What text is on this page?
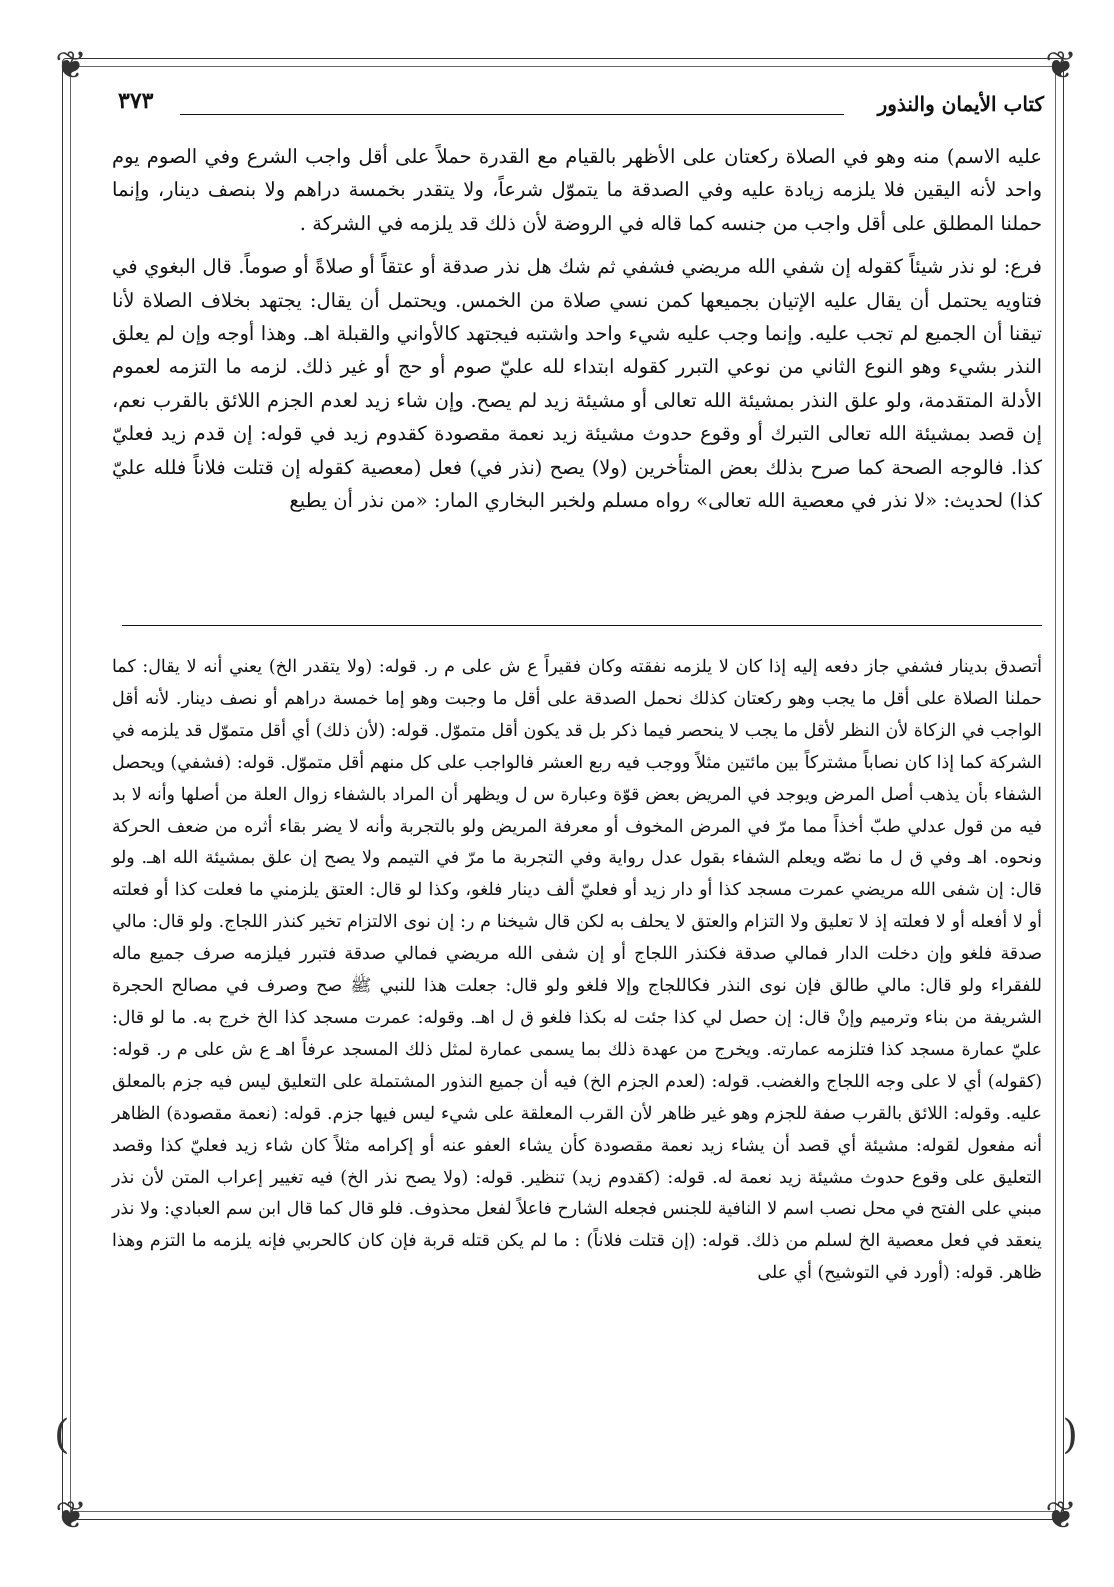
❦	❦
❦	❦
(	)
كتاب الأيمان والنذور
٣٧٣

عليه الاسم) منه وهو في الصلاة ركعتان على الأظهر بالقيام مع القدرة حملاً على أقل واجب الشرع وفي الصوم يوم واحد لأنه اليقين فلا يلزمه زيادة عليه وفي الصدقة ما يتموّل شرعاً، ولا يتقدر بخمسة دراهم ولا بنصف دينار، وإنما حملنا المطلق على أقل واجب من جنسه كما قاله في الروضة لأن ذلك قد يلزمه في الشركة .

فرع: لو نذر شيئاً كقوله إن شفي الله مريضي فشفي ثم شك هل نذر صدقة أو عتقاً أو صلاةً أو صوماً. قال البغوي في فتاويه يحتمل أن يقال عليه الإتيان بجميعها كمن نسي صلاة من الخمس. ويحتمل أن يقال: يجتهد بخلاف الصلاة لأنا تيقنا أن الجميع لم تجب عليه. وإنما وجب عليه شيء واحد واشتبه فيجتهد كالأواني والقبلة اهـ. وهذا أوجه وإن لم يعلق النذر بشيء وهو النوع الثاني من نوعي التبرر كقوله ابتداء لله عليّ صوم أو حج أو غير ذلك. لزمه ما التزمه لعموم الأدلة المتقدمة، ولو علق النذر بمشيئة الله تعالى أو مشيئة زيد لم يصح. وإن شاء زيد لعدم الجزم اللائق بالقرب نعم، إن قصد بمشيئة الله تعالى التبرك أو وقوع حدوث مشيئة زيد نعمة مقصودة كقدوم زيد في قوله: إن قدم زيد فعليّ كذا. فالوجه الصحة كما صرح بذلك بعض المتأخرين (ولا) يصح (نذر في) فعل (معصية كقوله إن قتلت فلاناً فلله عليّ كذا) لحديث: «لا نذر في معصية الله تعالى» رواه مسلم ولخبر البخاري المار: «من نذر أن يطيع

أتصدق بدينار فشفي جاز دفعه إليه إذا كان لا يلزمه نفقته وكان فقيراً ع ش على م ر. قوله: (ولا يتقدر الخ) يعني أنه لا يقال: كما حملنا الصلاة على أقل ما يجب وهو ركعتان كذلك نحمل الصدقة على أقل ما وجبت وهو إما خمسة دراهم أو نصف دينار. لأنه أقل الواجب في الزكاة لأن النظر لأقل ما يجب لا ينحصر فيما ذكر بل قد يكون أقل متموّل. قوله: (لأن ذلك) أي أقل متموّل قد يلزمه في الشركة كما إذا كان نصاباً مشتركاً بين مائتين مثلاً ووجب فيه ربع العشر فالواجب على كل منهم أقل متموّل. قوله: (فشفي) ويحصل الشفاء بأن يذهب أصل المرض ويوجد في المريض بعض قوّة وعبارة س ل ويظهر أن المراد بالشفاء زوال العلة من أصلها وأنه لا بد فيه من قول عدلي طبّ أخذاً مما مرّ في المرض المخوف أو معرفة المريض ولو بالتجربة وأنه لا يضر بقاء أثره من ضعف الحركة ونحوه. اهـ وفي ق ل ما نصّه ويعلم الشفاء بقول عدل رواية وفي التجربة ما مرّ في التيمم ولا يصح إن علق بمشيئة الله اهـ. ولو قال: إن شفى الله مريضي عمرت مسجد كذا أو دار زيد أو فعليّ ألف دينار فلغو، وكذا لو قال: العتق يلزمني ما فعلت كذا أو فعلته أو لا أفعله أو لا فعلته إذ لا تعليق ولا التزام والعتق لا يحلف به لكن قال شيخنا م ر: إن نوى الالتزام تخير كنذر اللجاج. ولو قال: مالي صدقة فلغو وإن دخلت الدار فمالي صدقة فكنذر اللجاج أو إن شفى الله مريضي فمالي صدقة فتبرر فيلزمه صرف جميع ماله للفقراء ولو قال: مالي طالق فإن نوى النذر فكاللجاج وإلا فلغو ولو قال: جعلت هذا للنبي ﷺ صح وصرف في مصالح الحجرة الشريفة من بناء وترميم وإنْ قال: إن حصل لي كذا جئت له بكذا فلغو ق ل اهـ. وقوله: عمرت مسجد كذا الخ خرج به. ما لو قال: عليّ عمارة مسجد كذا فتلزمه عمارته. ويخرج من عهدة ذلك بما يسمى عمارة لمثل ذلك المسجد عرفاً اهـ ع ش على م ر. قوله: (كقوله) أي لا على وجه اللجاج والغضب. قوله: (لعدم الجزم الخ) فيه أن جميع النذور المشتملة على التعليق ليس فيه جزم بالمعلق عليه. وقوله: اللائق بالقرب صفة للجزم وهو غير ظاهر لأن القرب المعلقة على شيء ليس فيها جزم. قوله: (نعمة مقصودة) الظاهر أنه مفعول لقوله: مشيئة أي قصد أن يشاء زيد نعمة مقصودة كأن يشاء العفو عنه أو إكرامه مثلاً كان شاء زيد فعليّ كذا وقصد التعليق على وقوع حدوث مشيئة زيد نعمة له. قوله: (كقدوم زيد) تنظير. قوله: (ولا يصح نذر الخ) فيه تغيير إعراب المتن لأن نذر مبني على الفتح في محل نصب اسم لا النافية للجنس فجعله الشارح فاعلاً لفعل محذوف. فلو قال كما قال ابن سم العبادي: ولا نذر ينعقد في فعل معصية الخ لسلم من ذلك. قوله: (إن قتلت فلاناً) : ما لم يكن قتله قربة فإن كان كالحربي فإنه يلزمه ما التزم وهذا ظاهر. قوله: (أورد في التوشيح) أي على
